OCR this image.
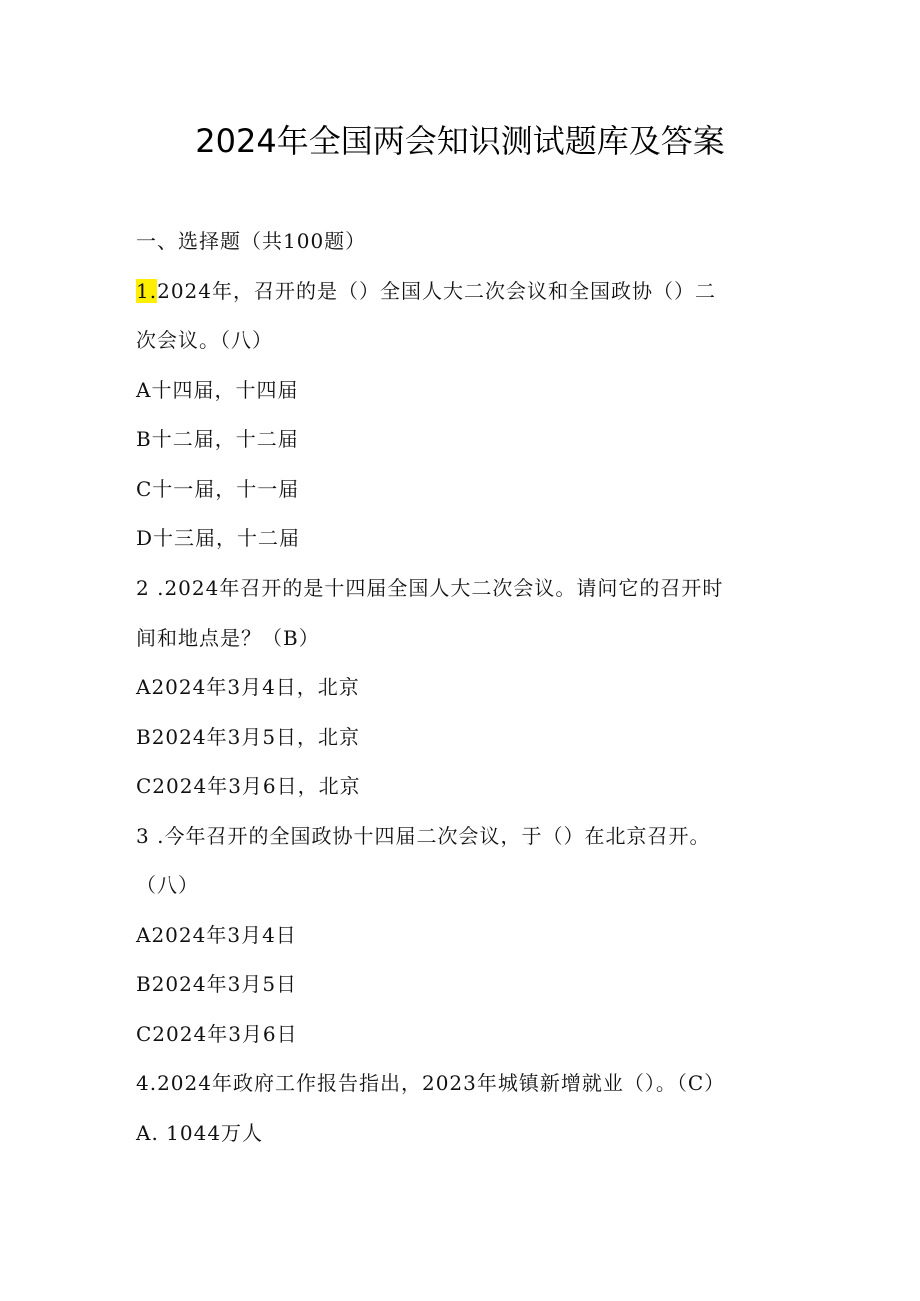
2024年全国两会知识测试题库及答案
一、选择题（共100题）
1.2024年，召开的是（）全国人大二次会议和全国政协（）二
次会议。（八）
A十四届，十四届
B十二届，十二届
C十一届，十一届
D十三届，十二届
2 .2024年召开的是十四届全国人大二次会议。请问它的召开时
间和地点是？（B）
A2024年3月4日，北京
B2024年3月5日，北京
C2024年3月6日，北京
3 .今年召开的全国政协十四届二次会议，于（）在北京召开。
（八）
A2024年3月4日
B2024年3月5日
C2024年3月6日
4.2024年政府工作报告指出，2023年城镇新增就业（）。（C）
A. 1044万人
